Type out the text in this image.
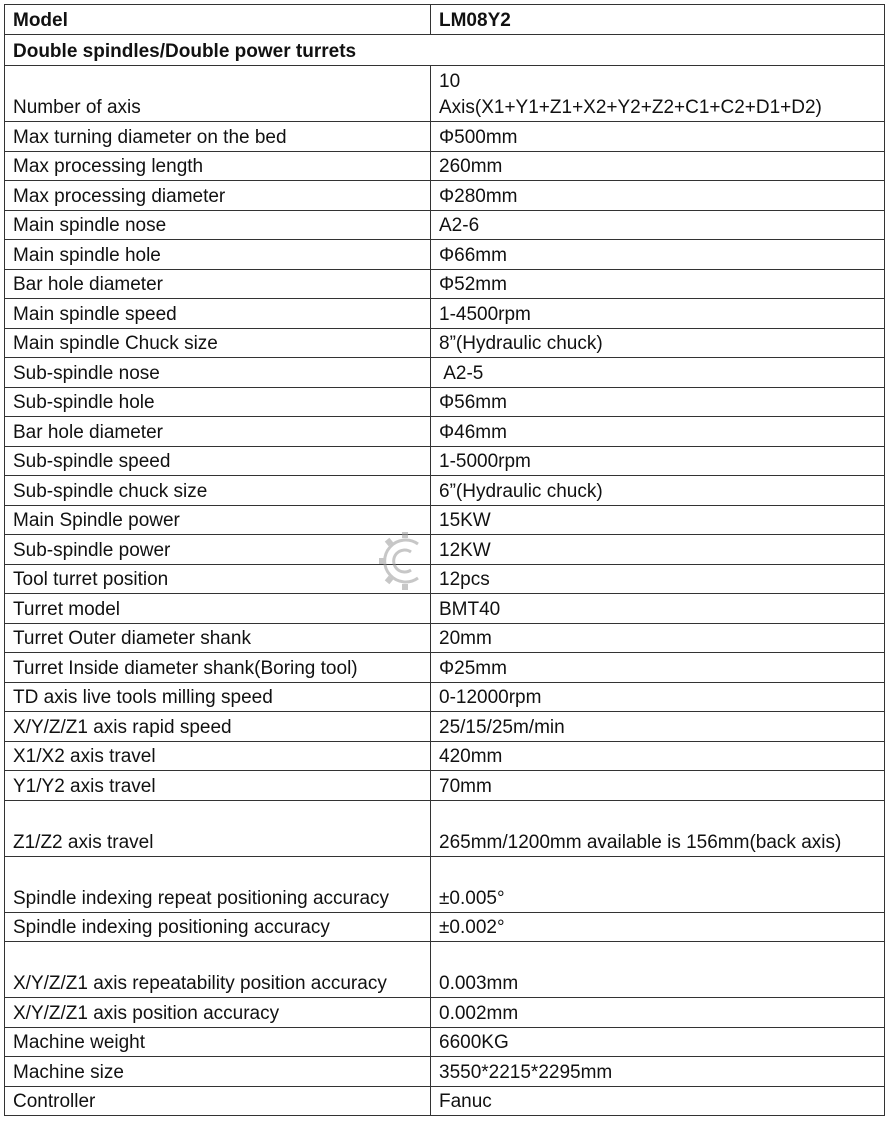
Model	LM08Y2
Double spindles/Double power turrets	
Number of axis	10
Axis(X1+Y1+Z1+X2+Y2+Z2+C1+C2+D1+D2)

Max turning diameter on the bed	Φ500mm
Max processing length	260mm
Max processing diameter	Φ280mm
Main spindle nose	A2-6
Main spindle hole	Φ66mm
Bar hole diameter	Φ52mm
Main spindle speed	1-4500rpm
Main spindle Chuck size	8”(Hydraulic chuck)
Sub-spindle nose	A2-5
Sub-spindle hole	Φ56mm
Bar hole diameter	Φ46mm
Sub-spindle speed	1-5000rpm
Sub-spindle chuck size	6”(Hydraulic chuck)
Main Spindle power	15KW
Sub-spindle power	12KW
Tool turret position	12pcs
Turret model	BMT40
Turret Outer diameter shank	20mm
Turret Inside diameter shank(Boring tool)	Φ25mm
TD axis live tools milling speed	0-12000rpm
X/Y/Z/Z1 axis rapid speed	25/15/25m/min
X1/X2 axis travel	420mm
Y1/Y2 axis travel	70mm
Z1/Z2 axis travel	265mm/1200mm available is 156mm(back axis)
Spindle indexing repeat positioning accuracy	±0.005°
Spindle indexing positioning accuracy	±0.002°
X/Y/Z/Z1 axis repeatability position accuracy	0.003mm
X/Y/Z/Z1 axis position accuracy	0.002mm
Machine weight	6600KG
Machine size	3550*2215*2295mm
Controller	Fanuc
